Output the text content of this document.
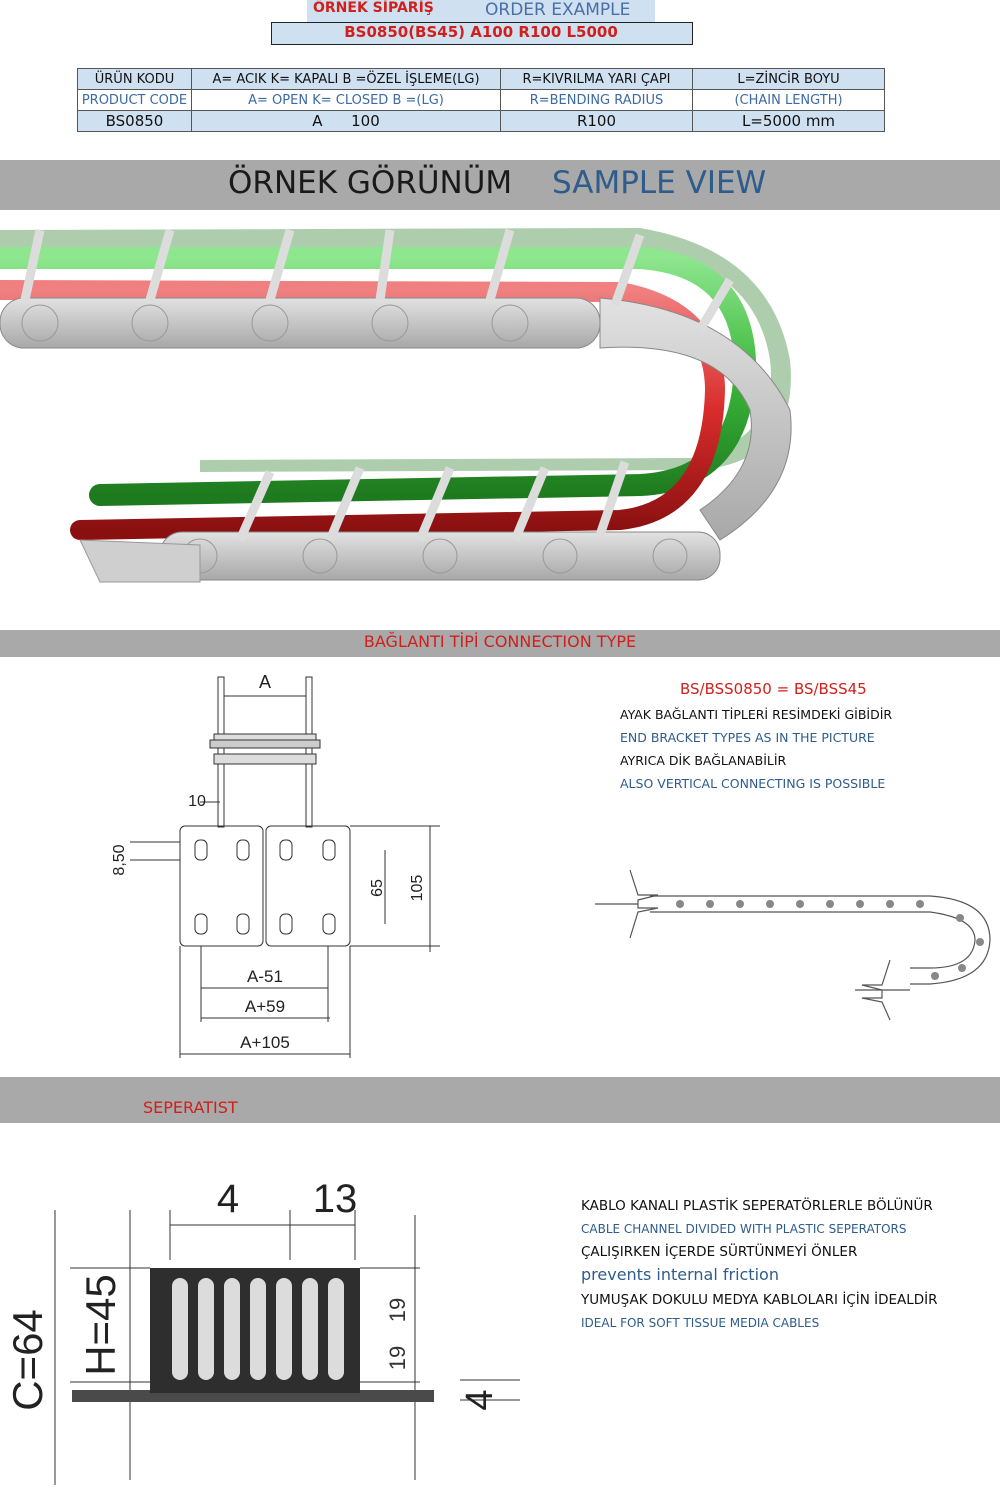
ÖRNEK SİPARİŞ	ORDER EXAMPLE
BS0850(BS45) A100 R100 L5000
ÜRÜN KODU	A= ACIK K= KAPALI B =ÖZEL İŞLEME(LG)	R=KIVRILMA YARI ÇAPI	L=ZİNCİR BOYU
PRODUCT CODE	A= OPEN K= CLOSED B =(LG)	R=BENDING RADIUS	(CHAIN LENGTH)
BS0850	A      100	R100	L=5000 mm
ÖRNEK GÖRÜNÜM SAMPLE VIEW
BAĞLANTI TİPİ CONNECTION TYPE
A
10
8,50
65 105
A-51
A+59
A+105
BS/BSS0850 = BS/BSS45
AYAK BAĞLANTI TİPLERİ RESİMDEKİ GİBİDİR
END BRACKET TYPES AS IN THE PICTURE
AYRICA DİK BAĞLANABİLİR
ALSO VERTICAL CONNECTING IS POSSIBLE
SEPERATIST
4 13
C=64 H=45	19
19
4
KABLO KANALI PLASTİK SEPERATÖRLERLE BÖLÜNÜR
CABLE CHANNEL DIVIDED WITH PLASTIC SEPERATORS
ÇALIŞIRKEN İÇERDE SÜRTÜNMEYİ ÖNLER
prevents internal friction
YUMUŞAK DOKULU MEDYA KABLOLARI İÇİN İDEALDİR
IDEAL FOR SOFT TISSUE MEDIA CABLES
